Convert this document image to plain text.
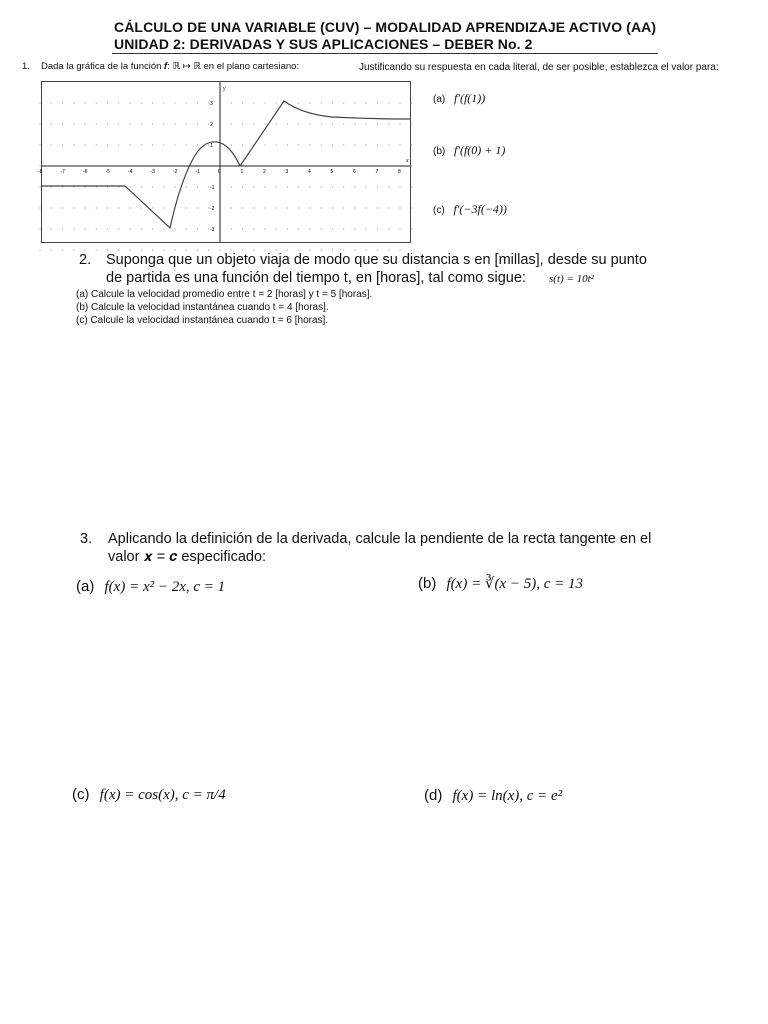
CÁLCULO DE UNA VARIABLE (CUV) – MODALIDAD APRENDIZAJE ACTIVO (AA)
UNIDAD 2: DERIVADAS Y SUS APLICACIONES – DEBER No. 2
1. Dada la gráfica de la función 𝒇: ℝ ↦ ℝ en el plano cartesiano:	Justificando su respuesta en cada literal, de ser posible, establezca el valor para:
-8	-7	-6	-5	-4	-3	-2	-1	0	1	2	3	4	5	6	7	8
3
2
1
-1
-2
-3
x
y
(a) f′(f(1))
(b) f′(f(0) + 1)
(c) f′(−3f(−4))
2. Suponga que un objeto viaja de modo que su distancia s en [millas], desde su punto
de partida es una función del tiempo t, en [horas], tal como sigue: s(t) = 10t²
(a) Calcule la velocidad promedio entre t = 2 [horas] y t = 5 [horas].
(b) Calcule la velocidad instantánea cuando t = 4 [horas].
(c) Calcule la velocidad instantánea cuando t = 6 [horas].
3. Aplicando la definición de la derivada, calcule la pendiente de la recta tangente en el
valor 𝒙 = 𝒄 especificado:
(a) f(x) = x² − 2x, c = 1	(b) f(x) = ∛(x − 5), c = 13
(c) f(x) = cos(x), c = π/4	(d) f(x) = ln(x), c = e²
